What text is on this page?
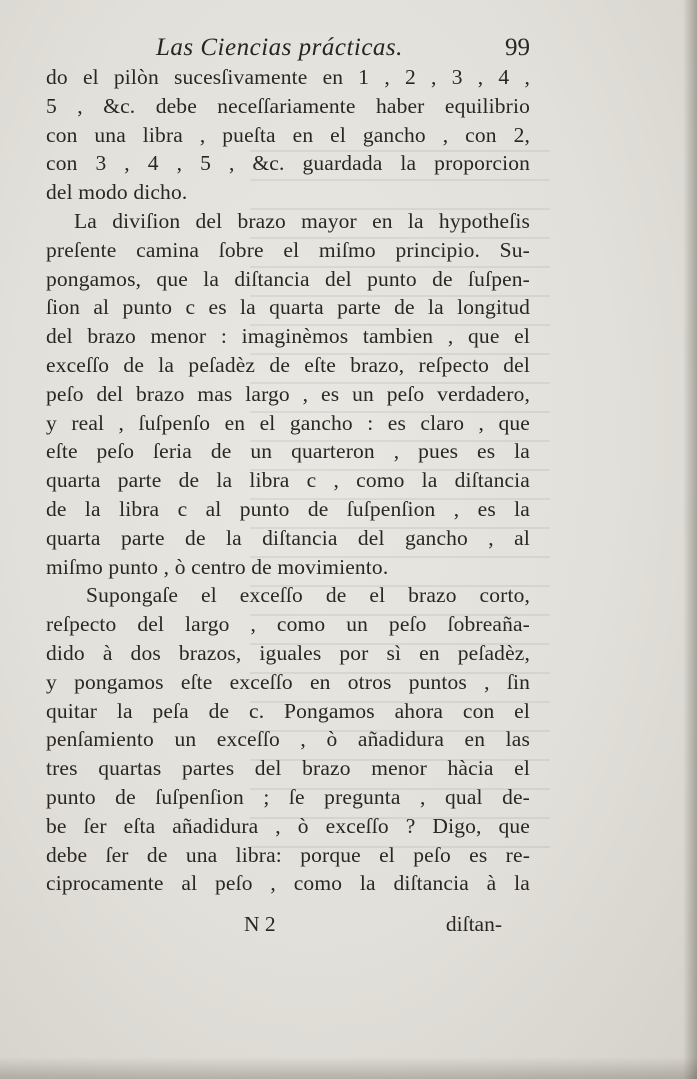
Las Ciencias prácticas.	99
do el pilòn sucesſivamente en 1 , 2 , 3 , 4 ,
5 , &c. debe neceſſariamente haber equilibrio
con una libra , pueſta en el gancho , con 2,
con 3 , 4 , 5 , &c. guardada la proporcion
del modo dicho.
La diviſion del brazo mayor en la hypotheſis
preſente camina ſobre el miſmo principio. Su-
pongamos, que la diſtancia del punto de ſuſpen-
ſion al punto c es la quarta parte de la longitud
del brazo menor : imaginèmos tambien , que el
exceſſo de la peſadèz de eſte brazo, reſpecto del
peſo del brazo mas largo , es un peſo verdadero,
y real , ſuſpenſo en el gancho : es claro , que
eſte peſo ſeria de un quarteron , pues es la
quarta parte de la libra c , como la diſtancia
de la libra c al punto de ſuſpenſion , es la
quarta parte de la diſtancia del gancho , al
miſmo punto , ò centro de movimiento.
Supongaſe el exceſſo de el brazo corto,
reſpecto del largo , como un peſo ſobreaña-
dido à dos brazos, iguales por sì en peſadèz,
y pongamos eſte exceſſo en otros puntos , ſin
quitar la peſa de c. Pongamos ahora con el
penſamiento un exceſſo , ò añadidura en las
tres quartas partes del brazo menor hàcia el
punto de ſuſpenſion ; ſe pregunta , qual de-
be ſer eſta añadidura , ò exceſſo ? Digo, que
debe ſer de una libra: porque el peſo es re-
ciprocamente al peſo , como la diſtancia à la
N 2	diſtan-
